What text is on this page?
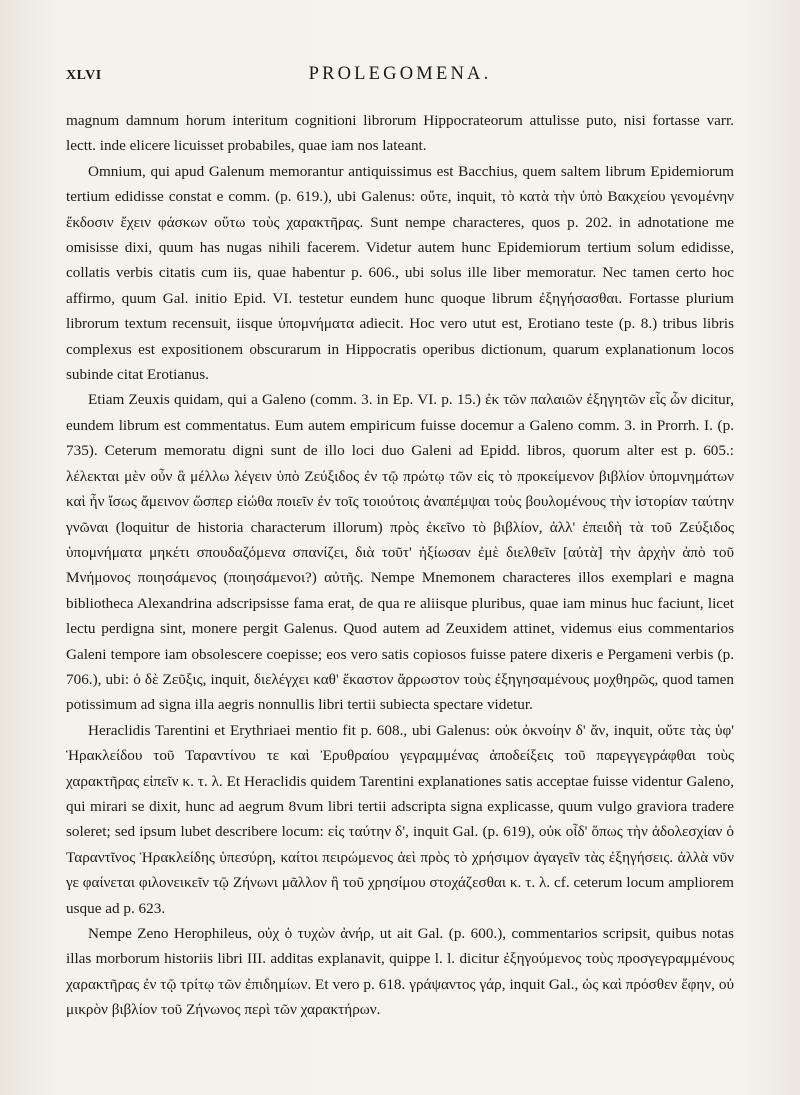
XLVI	PROLEGOMENA.

magnum damnum horum interitum cognitioni librorum Hippocrateorum attulisse puto, nisi fortasse varr. lectt. inde elicere licuisset probabiles, quae iam nos lateant.

Omnium, qui apud Galenum memorantur antiquissimus est Bacchius, quem saltem librum Epidemiorum tertium edidisse constat e comm. (p. 619.), ubi Galenus: οὔτε, inquit, τὸ κατὰ τὴν ὑπὸ Βακχείου γενομένην ἔκδοσιν ἔχειν φάσκων οὕτω τοὺς χαρακτῆρας. Sunt nempe characteres, quos p. 202. in adnotatione me omisisse dixi, quum has nugas nihili facerem. Videtur autem hunc Epidemiorum tertium solum edidisse, collatis verbis citatis cum iis, quae habentur p. 606., ubi solus ille liber memoratur. Nec tamen certo hoc affirmo, quum Gal. initio Epid. VI. testetur eundem hunc quoque librum ἐξηγήσασθαι. Fortasse plurium librorum textum recensuit, iisque ὑπομνήματα adiecit. Hoc vero utut est, Erotiano teste (p. 8.) tribus libris complexus est expositionem obscurarum in Hippocratis operibus dictionum, quarum explanationum locos subinde citat Erotianus.

Etiam Zeuxis quidam, qui a Galeno (comm. 3. in Ep. VI. p. 15.) ἐκ τῶν παλαιῶν ἐξηγητῶν εἷς ὧν dicitur, eundem librum est commentatus. Eum autem empiricum fuisse docemur a Galeno comm. 3. in Prorrh. I. (p. 735). Ceterum memoratu digni sunt de illo loci duo Galeni ad Epidd. libros, quorum alter est p. 605.: λέλεκται μὲν οὖν ἃ μέλλω λέγειν ὑπὸ Ζεύξιδος ἐν τῷ πρώτῳ τῶν εἰς τὸ προκείμενον βιβλίον ὑπομνημάτων καὶ ἦν ἴσως ἄμεινον ὥσπερ εἰώθα ποιεῖν ἐν τοῖς τοιούτοις ἀναπέμψαι τοὺς βουλομένους τὴν ἱστορίαν ταύτην γνῶναι (loquitur de historia characterum illorum) πρὸς ἐκεῖνο τὸ βιβλίον, ἀλλ' ἐπειδὴ τὰ τοῦ Ζεύξιδος ὑπομνήματα μηκέτι σπουδαζόμενα σπανίζει, διὰ τοῦτ' ἠξίωσαν ἐμὲ διελθεῖν [αὐτὰ] τὴν ἀρχὴν ἀπὸ τοῦ Μνήμονος ποιησάμενος (ποιησάμενοι?) αὐτῆς. Nempe Mnemonem characteres illos exemplari e magna bibliotheca Alexandrina adscripsisse fama erat, de qua re aliisque pluribus, quae iam minus huc faciunt, licet lectu perdigna sint, monere pergit Galenus. Quod autem ad Zeuxidem attinet, videmus eius commentarios Galeni tempore iam obsolescere coepisse; eos vero satis copiosos fuisse patere dixeris e Pergameni verbis (p. 706.), ubi: ὁ δὲ Ζεῦξις, inquit, διελέγχει καθ' ἕκαστον ἄρρωστον τοὺς ἐξηγησαμένους μοχθηρῶς, quod tamen potissimum ad signa illa aegris nonnullis libri tertii subiecta spectare videtur.

Heraclidis Tarentini et Erythriaei mentio fit p. 608., ubi Galenus: οὐκ ὀκνοίην δ' ἄν, inquit, οὔτε τὰς ὑφ' Ἡρακλείδου τοῦ Ταραντίνου τε καὶ Ἐρυθραίου γεγραμμένας ἀποδείξεις τοῦ παρεγγεγράφθαι τοὺς χαρακτῆρας εἰπεῖν κ. τ. λ. Et Heraclidis quidem Tarentini explanationes satis acceptae fuisse videntur Galeno, qui mirari se dixit, hunc ad aegrum 8vum libri tertii adscripta signa explicasse, quum vulgo graviora tradere soleret; sed ipsum lubet describere locum: εἰς ταύτην δ', inquit Gal. (p. 619), οὐκ οἶδ' ὅπως τὴν ἀδολεσχίαν ὁ Ταραντῖνος Ἡρακλείδης ὑπεσύρη, καίτοι πειρώμενος ἀεὶ πρὸς τὸ χρήσιμον ἀγαγεῖν τὰς ἐξηγήσεις. ἀλλὰ νῦν γε φαίνεται φιλονεικεῖν τῷ Ζήνωνι μᾶλλον ἢ τοῦ χρησίμου στοχάζεσθαι κ. τ. λ. cf. ceterum locum ampliorem usque ad p. 623.

Nempe Zeno Herophileus, οὐχ ὁ τυχὼν ἀνήρ, ut ait Gal. (p. 600.), commentarios scripsit, quibus notas illas morborum historiis libri III. additas explanavit, quippe l. l. dicitur ἐξηγούμενος τοὺς προσγεγραμμένους χαρακτῆρας ἐν τῷ τρίτῳ τῶν ἐπιδημίων. Et vero p. 618. γράψαντος γάρ, inquit Gal., ὡς καὶ πρόσθεν ἔφην, οὐ μικρὸν βιβλίον τοῦ Ζήνωνος περὶ τῶν χαρακτήρων.
